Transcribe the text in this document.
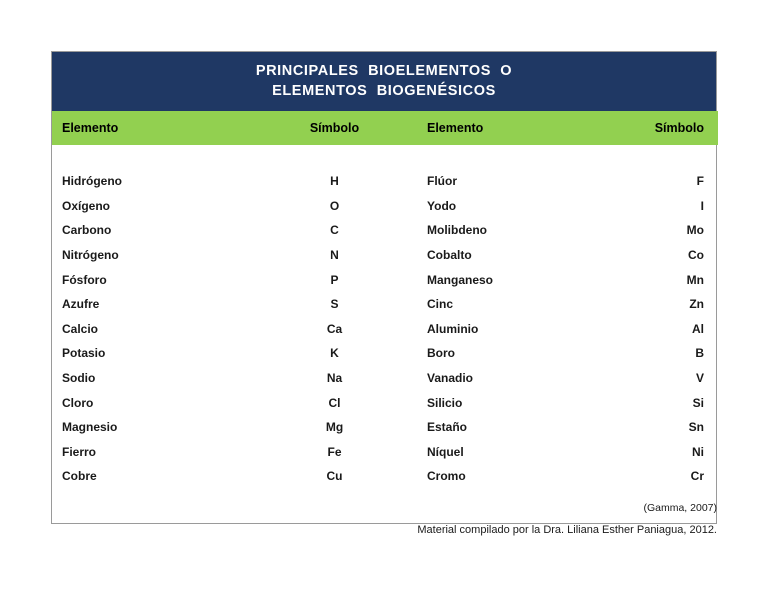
PRINCIPALES  BIOELEMENTOS  O
ELEMENTOS  BIOGENÉSICOS
Elemento	Símbolo	Elemento	Símbolo

Hidrógeno	H	Flúor	F
Oxígeno	O	Yodo	I
Carbono	C	Molibdeno	Mo
Nitrógeno	N	Cobalto	Co
Fósforo	P	Manganeso	Mn
Azufre	S	Cinc	Zn
Calcio	Ca	Aluminio	Al
Potasio	K	Boro	B
Sodio	Na	Vanadio	V
Cloro	Cl	Silicio	Si
Magnesio	Mg	Estaño	Sn
Fierro	Fe	Níquel	Ni
Cobre	Cu	Cromo	Cr

(Gamma, 2007)
Material compilado por la Dra. Liliana Esther Paniagua, 2012.
